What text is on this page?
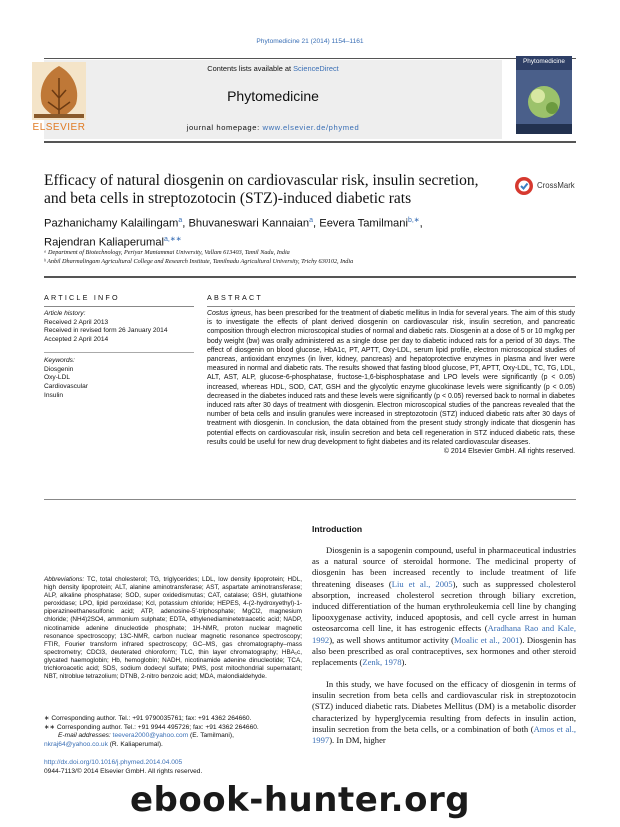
Phytomedicine 21 (2014) 1154–1161
ELSEVIER
Contents lists available at ScienceDirect
Phytomedicine
journal homepage: www.elsevier.de/phymed
Phytomedicine
Efficacy of natural diosgenin on cardiovascular risk, insulin secretion,
and beta cells in streptozotocin (STZ)-induced diabetic rats
CrossMark
Pazhanichamy Kalailingam$^a$, Bhuvaneswari Kannaian$^a$, Eevera Tamilmani$^{b,∗}$,
Rajendran Kaliaperumal$^{a,∗∗}$
ᵃ Department of Biotechnology, Periyar Maniammai University, Vallam 613403, Tamil Nadu, India
ᵇ Anbil Dharmalingam Agricultural College and Research Institute, Tamilnadu Agricultural University, Trichy 630102, India
ARTICLE INFO
Article history:
Received 2 April 2013
Received in revised form 26 January 2014
Accepted 2 April 2014
Keywords:
Diosgenin
Oxy-LDL
Cardiovascular
Insulin
ABSTRACT
Costus igneus, has been prescribed for the treatment of diabetic mellitus in India for several years. The aim of this study is to investigate the effects of plant derived diosgenin on cardiovascular risk, insulin secretion, and pancreatic composition through electron microscopical studies of normal and diabetic rats. Diosgenin at a dose of 5 or 10 mg/kg per body weight (bw) was orally administered as a single dose per day to diabetic induced rats for a period of 30 days. The effect of diosgenin on blood glucose, HbA1c, PT, APTT, Oxy-LDL, serum lipid profile, electron microscopical studies of pancreas, antioxidant enzymes (in liver, kidney, pancreas) and hepatoprotective enzymes in plasma and liver were measured in normal and diabetic rats. The results showed that fasting blood glucose, PT, APTT, Oxy-LDL, TC, TG, LDL, ALT, AST, ALP, glucose-6-phosphatase, fructose-1,6-bisphosphatase and LPO levels were significantly (p < 0.05) increased, whereas HDL, SOD, CAT, GSH and the glycolytic enzyme glucokinase levels were significantly (p < 0.05) decreased in the diabetes induced rats and these levels were significantly (p < 0.05) reversed back to normal in diabetes induced rats after 30 days of treatment with diosgenin. Electron microscopical studies of the pancreas revealed that the number of beta cells and insulin granules were increased in streptozotocin (STZ) induced diabetic rats after 30 days of treatment with diosgenin. In conclusion, the data obtained from the present study strongly indicate that diosgenin has potential effects on cardiovascular risk, insulin secretion and beta cell regeneration in STZ induced diabetic rats, these results could be useful for new drug development to fight diabetes and its related cardiovascular diseases.
© 2014 Elsevier GmbH. All rights reserved.
Introduction
Diosgenin is a sapogenin compound, useful in pharmaceutical industries as a natural source of steroidal hormone. The medicinal property of diosgenin has been increased recently to include treatment of life threatening diseases (Liu et al., 2005), such as suppressed cholesterol absorption, increased cholesterol secretion through biliary excretion, induced differentiation of the human erythroleukemia cell line by changing lipooxygenase activity, induced apoptosis, and cell cycle arrest in human osteosarcoma cell line, it has estrogenic effects (Aradhana Rao and Kale, 1992), as well shows antitumor activity (Moalic et al., 2001). Diosgenin has also been prescribed as oral contraceptives, sex hormones and other steroid replacements (Zenk, 1978).
In this study, we have focused on the efficacy of diosgenin in terms of insulin secretion from beta cells and cardiovascular risk in streptozotocin (STZ) induced diabetic rats. Diabetes Mellitus (DM) is a metabolic disorder characterized by hyperglycemia resulting from defects in insulin action, insulin secretion from the beta cells, or a combination of both (Amos et al., 1997). In DM, higher
Abbreviations: TC, total cholesterol; TG, triglycerides; LDL, low density lipoprotein; HDL, high density lipoprotein; ALT, alanine aminotransferase; AST, aspartate aminotransferase; ALP, alkaline phosphatase; SOD, super oxidedismutas; CAT, catalase; GSH, glutathione peroxidase; LPO, lipid peroxidase; Kcl, potassium chloride; HEPES, 4-(2-hydroxyethyl)-1-piperazineethanesulfonic acid; ATP, adenosine-5′-triphosphate; MgCl2, magnesium chloride; (NH4)2SO4, ammonium sulphate; EDTA, ethylenediaminetetraacetic acid; NADP, nicotinamide adenine dinucleotide phosphate; 1H-NMR, proton nuclear magnetic resonance spectroscopy; 13C-NMR, carbon nuclear magnetic resonance spectroscopy; FTIR, Fourier transform infrared spectroscopy; GC–MS, gas chromatography–mass spectrometry; CDCl3, deuterated chloroform; TLC, thin layer chromatography; HBA₁c, glycated haemoglobin; Hb, hemoglobin; NADH, nicotinamide adenine dinucleotide; TCA, trichloroacetic acid; SDS, sodium dodecyl sulfate; PMS, post mitochondrial supernatant; NBT, nitroblue tetrazolium; DTNB, 2-nitro benzoic acid; MDA, malondialdehyde.
∗ Corresponding author. Tel.: +91 9790035761; fax: +91 4362 264660.
∗∗ Corresponding author. Tel.: +91 9944 495726; fax: +91 4362 264660.
E-mail addresses: teevera2000@yahoo.com (E. Tamilmani),
nkraj64@yahoo.co.uk (R. Kaliaperumal).
http://dx.doi.org/10.1016/j.phymed.2014.04.005
0944-7113/© 2014 Elsevier GmbH. All rights reserved.
ebook-hunter.org
